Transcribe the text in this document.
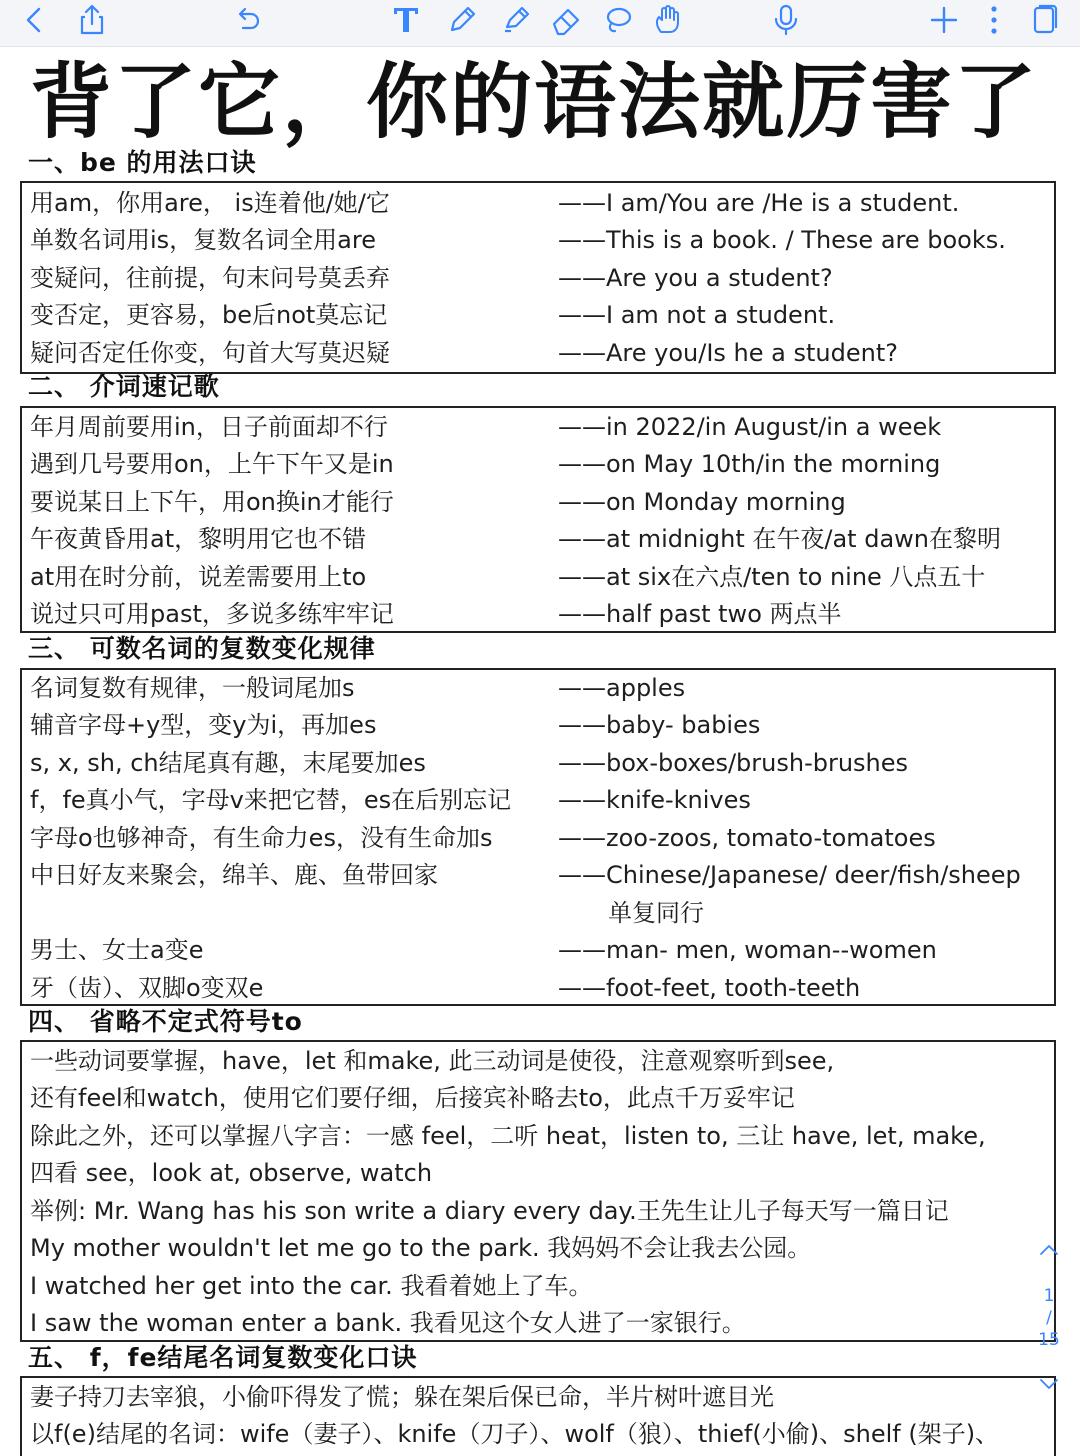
背了它，你的语法就厉害了
一、be 的用法口诀
用am，你用are， is连着他/她/它	——I am/You are /He is a student.
单数名词用is，复数名词全用are	——This is a book. / These are books.
变疑问，往前提，句末问号莫丢弃	——Are you a student?
变否定，更容易，be后not莫忘记	——I am not a student.
疑问否定任你变，句首大写莫迟疑	——Are you/Is he a student?
二、 介词速记歌
年月周前要用in，日子前面却不行	——in 2022/in August/in a week
遇到几号要用on，上午下午又是in	——on May 10th/in the morning
要说某日上下午，用on换in才能行	——on Monday morning
午夜黄昏用at，黎明用它也不错	——at midnight 在午夜/at dawn在黎明
at用在时分前，说差需要用上to	——at six在六点/ten to nine 八点五十
说过只可用past，多说多练牢牢记	——half past two 两点半
三、 可数名词的复数变化规律
名词复数有规律，一般词尾加s	——apples
辅音字母+y型，变y为i，再加es	——baby- babies
s, x, sh, ch结尾真有趣，末尾要加es	——box-boxes/brush-brushes
f，fe真小气，字母v来把它替，es在后别忘记 ——knife-knives
字母o也够神奇，有生命力es，没有生命加s	——zoo-zoos, tomato-tomatoes
中日好友来聚会，绵羊、鹿、鱼带回家	——Chinese/Japanese/ deer/fish/sheep
单复同行
男士、女士a变e	——man- men, woman--women
牙（齿）、双脚o变双e	——foot-feet, tooth-teeth
四、 省略不定式符号to
一些动词要掌握，have，let 和make, 此三动词是使役，注意观察听到see,
还有feel和watch，使用它们要仔细，后接宾补略去to，此点千万妥牢记
除此之外，还可以掌握八字言：一感 feel，二听 heat，listen to, 三让 have, let, make,
四看 see，look at, observe, watch
举例: Mr. Wang has his son write a diary every day.王先生让儿子每天写一篇日记
My mother wouldn't let me go to the park. 我妈妈不会让我去公园。
I watched her get into the car. 我看着她上了车。
I saw the woman enter a bank. 我看见这个女人进了一家银行。
五、 f，fe结尾名词复数变化口诀
妻子持刀去宰狼，小偷吓得发了慌；躲在架后保已命，半片树叶遮目光
以f(e)结尾的名词：wife（妻子）、knife（刀子）、wolf（狼）、thief(小偷)、shelf (架子)、
1
/
15
